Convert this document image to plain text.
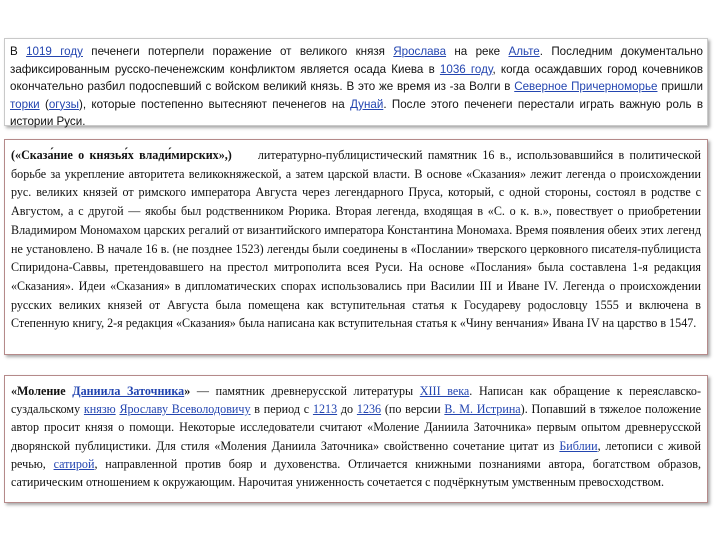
В 1019 году печенеги потерпели поражение от великого князя Ярослава на реке Альте. Последним документально зафиксированным русско-печенежским конфликтом является осада Киева в 1036 году, когда осаждавших город кочевников окончательно разбил подоспевший с войском великий князь. В это же время из -за Волги в Северное Причерноморье пришли торки (огузы), которые постепенно вытесняют печенегов на Дунай. После этого печенеги перестали играть важную роль в истории Руси.

(«Сказа́ние о князья́х влади́мирских»,) литературно-публицистический памятник 16 в., использовавшийся в политической борьбе за укрепление авторитета великокняжеской, а затем царской власти. В основе «Сказания» лежит легенда о происхождении рус. великих князей от римского императора Августа через легендарного Пруса, который, с одной стороны, состоял в родстве с Августом, а с другой — якобы был родственником Рюрика. Вторая легенда, входящая в «С. о к. в.», повествует о приобретении Владимиром Мономахом царских регалий от византийского императора Константина Мономаха. Время появления обеих этих легенд не установлено. В начале 16 в. (не позднее 1523) легенды были соединены в «Послании» тверского церковного писателя-публициста Спиридона-Саввы, претендовавшего на престол митрополита всея Руси. На основе «Послания» была составлена 1-я редакция «Сказания». Идеи «Сказания» в дипломатических спорах использовались при Василии III и Иване IV. Легенда о происхождении русских великих князей от Августа была помещена как вступительная статья к Государеву родословцу 1555 и включена в Степенную книгу, 2-я редакция «Сказания» была написана как вступительная статья к «Чину венчания» Ивана IV на царство в 1547.

«Моление Даниила Заточника» — памятник древнерусской литературы XIII века. Написан как обращение к переяславско-суздальскому князю Ярославу Всеволодовичу в период с 1213 до 1236 (по версии В. М. Истрина). Попавший в тяжелое положение автор просит князя о помощи. Некоторые исследователи считают «Моление Даниила Заточника» первым опытом древнерусской дворянской публицистики. Для стиля «Моления Даниила Заточника» свойственно сочетание цитат из Библии, летописи с живой речью, сатирой, направленной против бояр и духовенства. Отличается книжными познаниями автора, богатством образов, сатирическим отношением к окружающим. Нарочитая униженность сочетается с подчёркнутым умственным превосходством.
